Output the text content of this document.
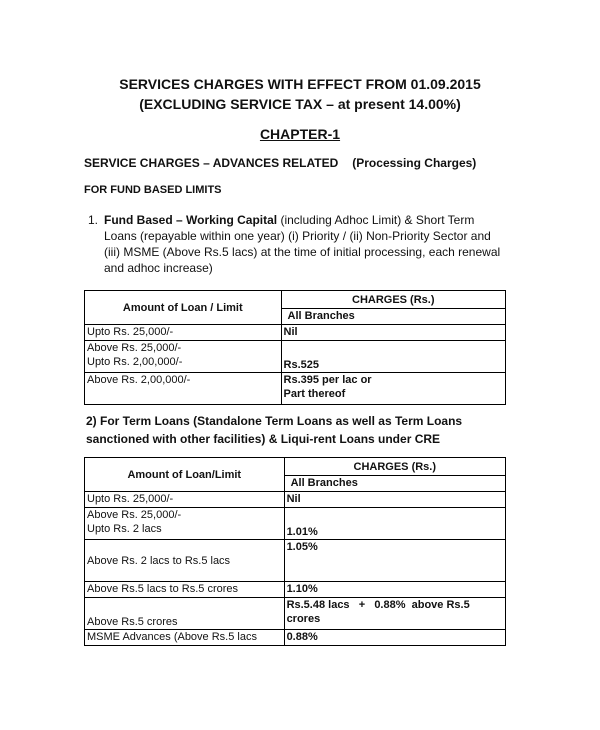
SERVICES CHARGES WITH EFFECT FROM 01.09.2015
(EXCLUDING SERVICE TAX – at present 14.00%)
CHAPTER-1
SERVICE CHARGES – ADVANCES RELATED (Processing Charges)
FOR FUND BASED LIMITS
1. Fund Based – Working Capital (including Adhoc Limit) & Short Term Loans (repayable within one year) (i) Priority / (ii) Non-Priority Sector and (iii) MSME (Above Rs.5 lacs) at the time of initial processing, each renewal and adhoc increase)
Amount of Loan / Limit	CHARGES (Rs.)
	All Branches
Upto Rs. 25,000/-	Nil

Above Rs. 25,000/-
Upto Rs. 2,00,000/-	Rs.525
Above Rs. 2,00,000/-	Rs.395 per lac or
Part thereof
2) For Term Loans (Standalone Term Loans as well as Term Loans sanctioned with other facilities) & Liqui-rent Loans under CRE
Amount of Loan/Limit	CHARGES (Rs.)
	All Branches
Upto Rs. 25,000/-	Nil

Above Rs. 25,000/-
Upto Rs. 2 lacs	1.01%
Above Rs. 2 lacs to Rs.5 lacs	1.05%
Above Rs.5 lacs to Rs.5 crores	1.10%
Above Rs.5 crores	Rs.5.48 lacs   +   0.88%  above Rs.5
crores

MSME Advances (Above Rs.5 lacs	0.88%
